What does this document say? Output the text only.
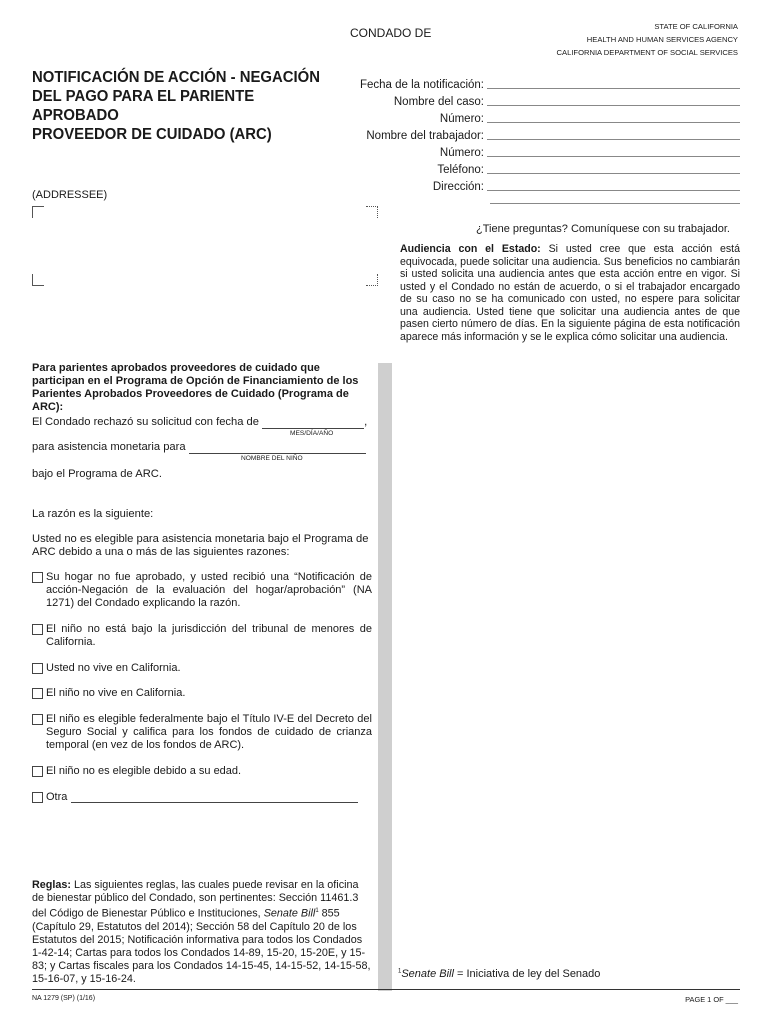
CONDADO DE	STATE OF CALIFORNIA
HEALTH AND HUMAN SERVICES AGENCY
CALIFORNIA DEPARTMENT OF SOCIAL SERVICES
NOTIFICACIÓN DE ACCIÓN - NEGACIÓN
DEL PAGO PARA EL PARIENTE APROBADO
PROVEEDOR DE CUIDADO (ARC)
Fecha de la notificación:
Nombre del caso:
Número:
Nombre del trabajador:
Número:
Teléfono:
Dirección:
(ADDRESSEE)
¿Tiene preguntas? Comuníquese con su trabajador.
Audiencia con el Estado: Si usted cree que esta acción está equivocada, puede solicitar una audiencia. Sus beneficios no cambiarán si usted solicita una audiencia antes que esta acción entre en vigor. Si usted y el Condado no están de acuerdo, o si el trabajador encargado de su caso no se ha comunicado con usted, no espere para solicitar una audiencia. Usted tiene que solicitar una audiencia antes de que pasen cierto número de días. En la siguiente página de esta notificación aparece más información y se le explica cómo solicitar una audiencia.
Para parientes aprobados proveedores de cuidado que participan en el Programa de Opción de Financiamiento de los Parientes Aprobados Proveedores de Cuidado (Programa de ARC):
El Condado rechazó su solicitud con fecha de	,
MES/DÍA/AÑO
para asistencia monetaria para
NOMBRE DEL NIÑO
bajo el Programa de ARC.
La razón es la siguiente:
Usted no es elegible para asistencia monetaria bajo el Programa de ARC debido a una o más de las siguientes razones:
Su hogar no fue aprobado, y usted recibió una “Notificación de acción-Negación de la evaluación del hogar/aprobación” (NA 1271) del Condado explicando la razón.
El niño no está bajo la jurisdicción del tribunal de menores de California.
Usted no vive en California.
El niño no vive en California.
El niño es elegible federalmente bajo el Título IV-E del Decreto del Seguro Social y califica para los fondos de cuidado de crianza temporal (en vez de los fondos de ARC).
El niño no es elegible debido a su edad.
Otra
Reglas: Las siguientes reglas, las cuales puede revisar en la oficina de bienestar público del Condado, son pertinentes: Sección 11461.3 del Código de Bienestar Público e Instituciones, Senate Bill$^1$ 855 (Capítulo 29, Estatutos del 2014); Sección 58 del Capítulo 20 de los Estatutos del 2015; Notificación informativa para todos los Condados 1-42-14; Cartas para todos los Condados 14-89, 15-20, 15-20E, y 15-83; y Cartas fiscales para los Condados 14-15-45, 14-15-52, 14-15-58, 15-16-07, y 15-16-24.
$^1$Senate Bill = Iniciativa de ley del Senado
NA 1279 (SP) (1/16)	PAGE 1 OF ___
